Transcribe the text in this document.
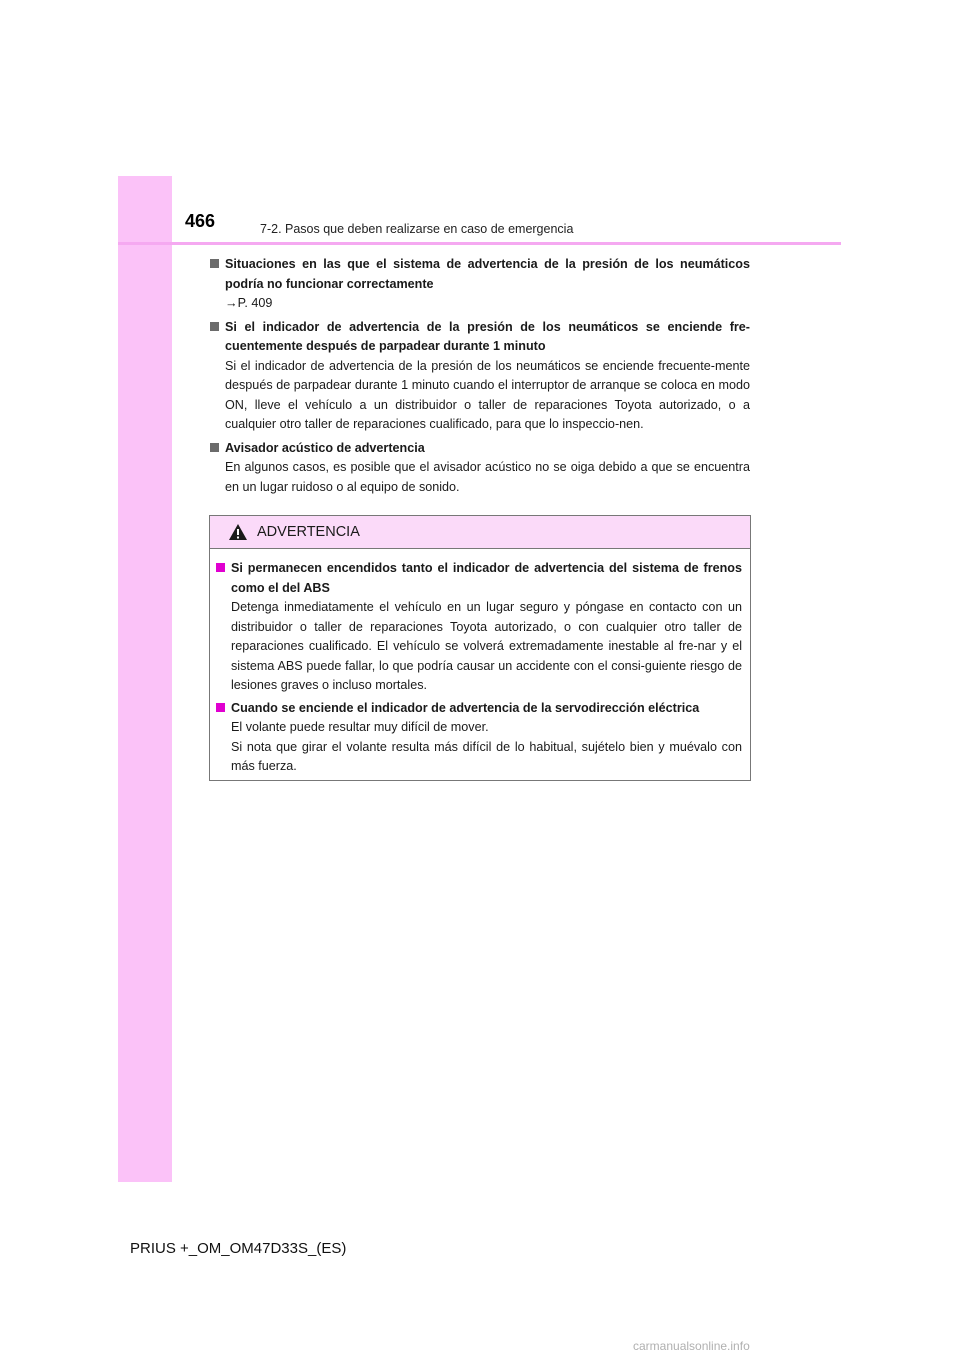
466	7-2. Pasos que deben realizarse en caso de emergencia
Situaciones en las que el sistema de advertencia de la presión de los neumáticos podría no funcionar correctamente
→P. 409
Si el indicador de advertencia de la presión de los neumáticos se enciende fre-cuentemente después de parpadear durante 1 minuto
Si el indicador de advertencia de la presión de los neumáticos se enciende frecuente-mente después de parpadear durante 1 minuto cuando el interruptor de arranque se coloca en modo ON, lleve el vehículo a un distribuidor o taller de reparaciones Toyota autorizado, o a cualquier otro taller de reparaciones cualificado, para que lo inspeccio-nen.
Avisador acústico de advertencia
En algunos casos, es posible que el avisador acústico no se oiga debido a que se encuentra en un lugar ruidoso o al equipo de sonido.
ADVERTENCIA
Si permanecen encendidos tanto el indicador de advertencia del sistema de frenos como el del ABS
Detenga inmediatamente el vehículo en un lugar seguro y póngase en contacto con un distribuidor o taller de reparaciones Toyota autorizado, o con cualquier otro taller de reparaciones cualificado. El vehículo se volverá extremadamente inestable al fre-nar y el sistema ABS puede fallar, lo que podría causar un accidente con el consi-guiente riesgo de lesiones graves o incluso mortales.
Cuando se enciende el indicador de advertencia de la servodirección eléctrica
El volante puede resultar muy difícil de mover.
Si nota que girar el volante resulta más difícil de lo habitual, sujételo bien y muévalo con más fuerza.
PRIUS +_OM_OM47D33S_(ES)
carmanualsonline.info
